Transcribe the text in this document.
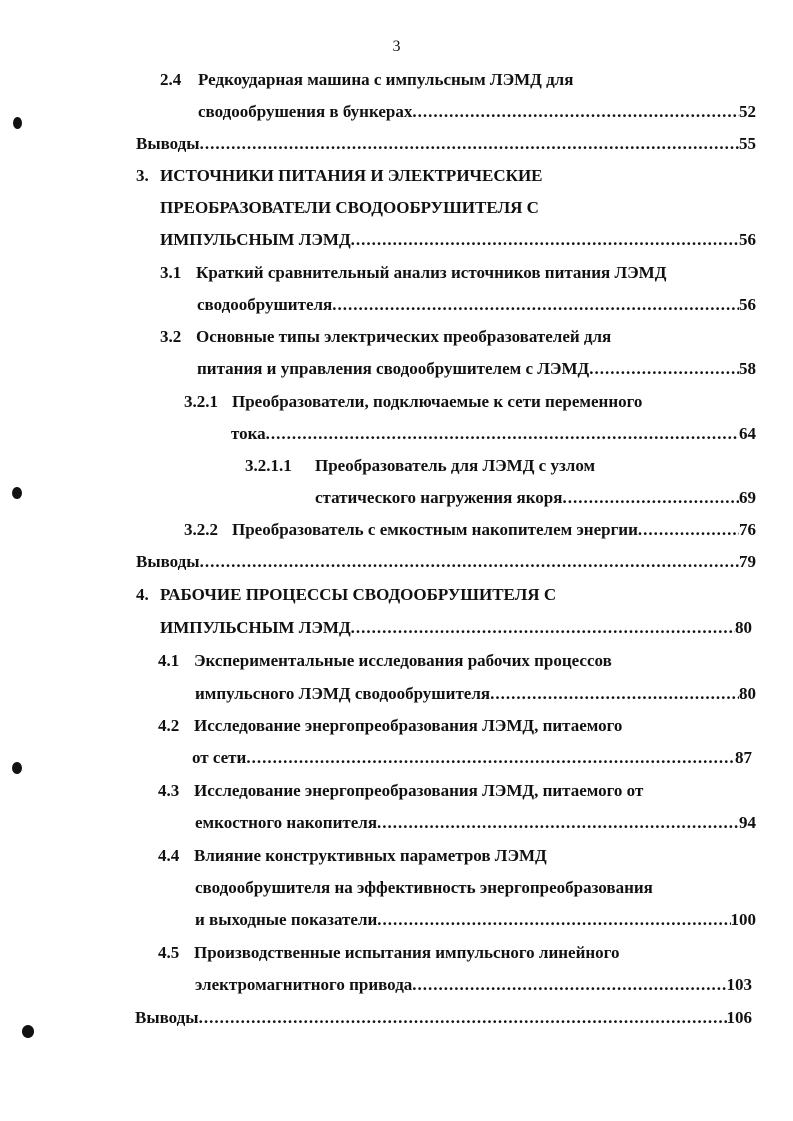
3
2.4 Редкоударная машина с импульсным ЛЭМД для
сводообрушения в бункерах .....	52
Выводы .....	55
3. ИСТОЧНИКИ ПИТАНИЯ И ЭЛЕКТРИЧЕСКИЕ
ПРЕОБРАЗОВАТЕЛИ СВОДООБРУШИТЕЛЯ С
ИМПУЛЬСНЫМ ЛЭМД .....	56
3.1 Краткий сравнительный анализ источников питания ЛЭМД
сводообрушителя .....	56
3.2 Основные типы электрических преобразователей для
питания и управления сводообрушителем с ЛЭМД .....	58
3.2.1 Преобразователи, подключаемые к сети переменного
тока .....	64
3.2.1.1 Преобразователь для ЛЭМД с узлом
статического нагружения якоря .....	69
3.2.2 Преобразователь с емкостным накопителем энергии .....	76
Выводы .....	79
4. РАБОЧИЕ ПРОЦЕССЫ СВОДООБРУШИТЕЛЯ С
ИМПУЛЬСНЫМ ЛЭМД .....	80
4.1 Экспериментальные исследования рабочих процессов
импульсного ЛЭМД сводообрушителя .....	80
4.2 Исследование энергопреобразования ЛЭМД, питаемого
от сети .....	87
4.3 Исследование энергопреобразования ЛЭМД, питаемого от
емкостного накопителя .....	94
4.4 Влияние конструктивных параметров ЛЭМД
сводообрушителя на эффективность энергопреобразования
и выходные показатели .....	100
4.5 Производственные испытания импульсного линейного
электромагнитного привода .....	103
Выводы .....	106
